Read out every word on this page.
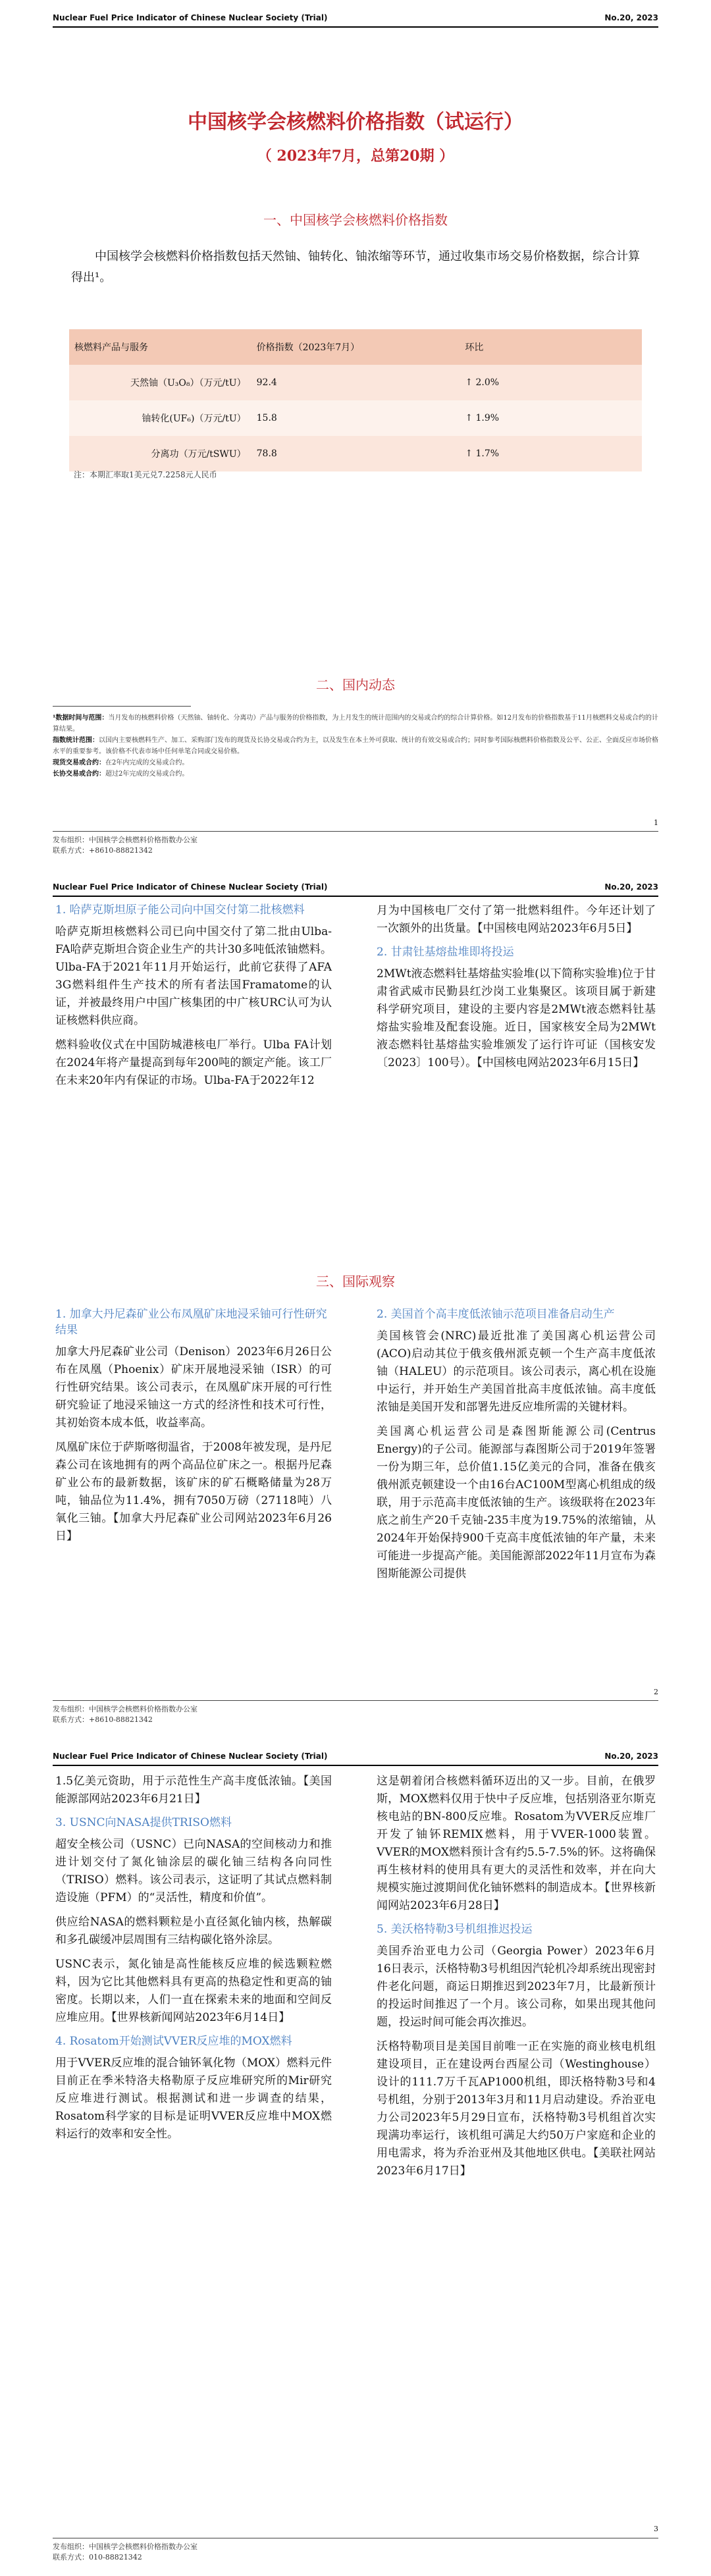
Nuclear Fuel Price Indicator of Chinese Nuclear Society (Trial)	No.20, 2023
中国核学会核燃料价格指数（试运行）
（ 2023年7月，总第20期 ）
一、中国核学会核燃料价格指数
中国核学会核燃料价格指数包括天然铀、铀转化、铀浓缩等环节，通过收集市场交易价格数据，综合计算得出¹。
核燃料产品与服务	价格指数（2023年7月）	环比
天然铀（U₃O₈）（万元/tU）	92.4	↑ 2.0%
铀转化(UF₆)（万元/tU）	15.8	↑ 1.9%
分离功（万元/tSWU）	78.8	↑ 1.7%
注：本期汇率取1美元兑7.2258元人民币
二、国内动态
¹数据时间与范围：当月发布的核燃料价格（天然铀、铀转化、分离功）产品与服务的价格指数，为上月发生的统计范围内的交易或合约的综合计算价格。如12月发布的价格指数基于11月核燃料交易或合约的计算结果。
指数统计范围：以国内主要核燃料生产、加工、采购部门发布的现货及长协交易或合约为主，以及发生在本土外可获取、统计的有效交易或合约；同时参考国际核燃料价格指数及公平、公正、全面反应市场价格水平的重要参考。该价格不代表市场中任何单笔合同或交易价格。
现货交易或合约：在2年内完成的交易或合约。
长协交易或合约：超过2年完成的交易或合约。
1
发布组织：中国核学会核燃料价格指数办公室
联系方式：+8610-88821342
Nuclear Fuel Price Indicator of Chinese Nuclear Society (Trial)	No.20, 2023
1. 哈萨克斯坦原子能公司向中国交付第二批核燃料

哈萨克斯坦核燃料公司已向中国交付了第二批由Ulba-FA哈萨克斯坦合资企业生产的共计30多吨低浓铀燃料。Ulba-FA于2021年11月开始运行，此前它获得了AFA 3G燃料组件生产技术的所有者法国Framatome的认证，并被最终用户中国广核集团的中广核URC认可为认证核燃料供应商。

燃料验收仪式在中国防城港核电厂举行。Ulba FA计划在2024年将产量提高到每年200吨的额定产能。该工厂在未来20年内有保证的市场。Ulba-FA于2022年12

月为中国核电厂交付了第一批燃料组件。今年还计划了一次额外的出货量。【中国核电网站2023年6月5日】

2. 甘肃钍基熔盐堆即将投运

2MWt液态燃料钍基熔盐实验堆(以下简称实验堆)位于甘肃省武威市民勤县红沙岗工业集聚区。该项目属于新建科学研究项目，建设的主要内容是2MWt液态燃料钍基熔盐实验堆及配套设施。近日，国家核安全局为2MWt液态燃料钍基熔盐实验堆颁发了运行许可证（国核安发〔2023〕100号）。【中国核电网站2023年6月15日】

三、国际观察
1. 加拿大丹尼森矿业公布凤凰矿床地浸采铀可行性研究结果

加拿大丹尼森矿业公司（Denison）2023年6月26日公布在凤凰（Phoenix）矿床开展地浸采铀（ISR）的可行性研究结果。该公司表示，在凤凰矿床开展的可行性研究验证了地浸采铀这一方式的经济性和技术可行性，其初始资本成本低，收益率高。

凤凰矿床位于萨斯喀彻温省，于2008年被发现，是丹尼森公司在该地拥有的两个高品位矿床之一。根据丹尼森矿业公布的最新数据，该矿床的矿石概略储量为28万吨，铀品位为11.4%，拥有7050万磅（27118吨）八氧化三铀。【加拿大丹尼森矿业公司网站2023年6月26日】

2. 美国首个高丰度低浓铀示范项目准备启动生产

美国核管会(NRC)最近批准了美国离心机运营公司(ACO)启动其位于俄亥俄州派克顿一个生产高丰度低浓铀（HALEU）的示范项目。该公司表示，离心机在设施中运行，并开始生产美国首批高丰度低浓铀。高丰度低浓铀是美国开发和部署先进反应堆所需的关键材料。

美国离心机运营公司是森图斯能源公司(Centrus Energy)的子公司。能源部与森图斯公司于2019年签署一份为期三年，总价值1.15亿美元的合同，准备在俄亥俄州派克顿建设一个由16台AC100M型离心机组成的级联，用于示范高丰度低浓铀的生产。该级联将在2023年底之前生产20千克铀-235丰度为19.75%的浓缩铀，从2024年开始保持900千克高丰度低浓铀的年产量，未来可能进一步提高产能。美国能源部2022年11月宣布为森图斯能源公司提供

2
发布组织：中国核学会核燃料价格指数办公室
联系方式：+8610-88821342
Nuclear Fuel Price Indicator of Chinese Nuclear Society (Trial)	No.20, 2023

1.5亿美元资助，用于示范性生产高丰度低浓铀。【美国能源部网站2023年6月21日】

3. USNC向NASA提供TRISO燃料

超安全核公司（USNC）已向NASA的空间核动力和推进计划交付了氮化铀涂层的碳化铀三结构各向同性（TRISO）燃料。该公司表示，这证明了其试点燃料制造设施（PFM）的“灵活性，精度和价值”。

供应给NASA的燃料颗粒是小直径氮化铀内核，热解碳和多孔碳缓冲层周围有三结构碳化铬外涂层。

USNC表示，氮化铀是高性能核反应堆的候选颗粒燃料，因为它比其他燃料具有更高的热稳定性和更高的铀密度。长期以来，人们一直在探索未来的地面和空间反应堆应用。【世界核新闻网站2023年6月14日】

4. Rosatom开始测试VVER反应堆的MOX燃料

用于VVER反应堆的混合铀钚氧化物（MOX）燃料元件目前正在季米特洛夫格勒原子反应堆研究所的Mir研究反应堆进行测试。根据测试和进一步调查的结果，Rosatom科学家的目标是证明VVER反应堆中MOX燃料运行的效率和安全性。

这是朝着闭合核燃料循环迈出的又一步。目前，在俄罗斯，MOX燃料仅用于快中子反应堆，包括别洛亚尔斯克核电站的BN-800反应堆。Rosatom为VVER反应堆厂开发了铀钚REMIX燃料，用于VVER-1000装置。VVER的MOX燃料预计含有约5.5-7.5%的钚。这将确保再生核材料的使用具有更大的灵活性和效率，并在向大规模实施过渡期间优化铀钚燃料的制造成本。【世界核新闻网站2023年6月28日】

5. 美沃格特勒3号机组推迟投运

美国乔治亚电力公司（Georgia Power）2023年6月16日表示，沃格特勒3号机组因汽轮机冷却系统出现密封件老化问题，商运日期推迟到2023年7月，比最新预计的投运时间推迟了一个月。该公司称，如果出现其他问题，投运时间可能会再次推迟。

沃格特勒项目是美国目前唯一正在实施的商业核电机组建设项目，正在建设两台西屋公司（Westinghouse）设计的111.7万千瓦AP1000机组，即沃格特勒3号和4号机组，分别于2013年3月和11月启动建设。乔治亚电力公司2023年5月29日宣布，沃格特勒3号机组首次实现满功率运行，该机组可满足大约50万户家庭和企业的用电需求，将为乔治亚州及其他地区供电。【美联社网站2023年6月17日】

3
发布组织：中国核学会核燃料价格指数办公室
联系方式：010-88821342
